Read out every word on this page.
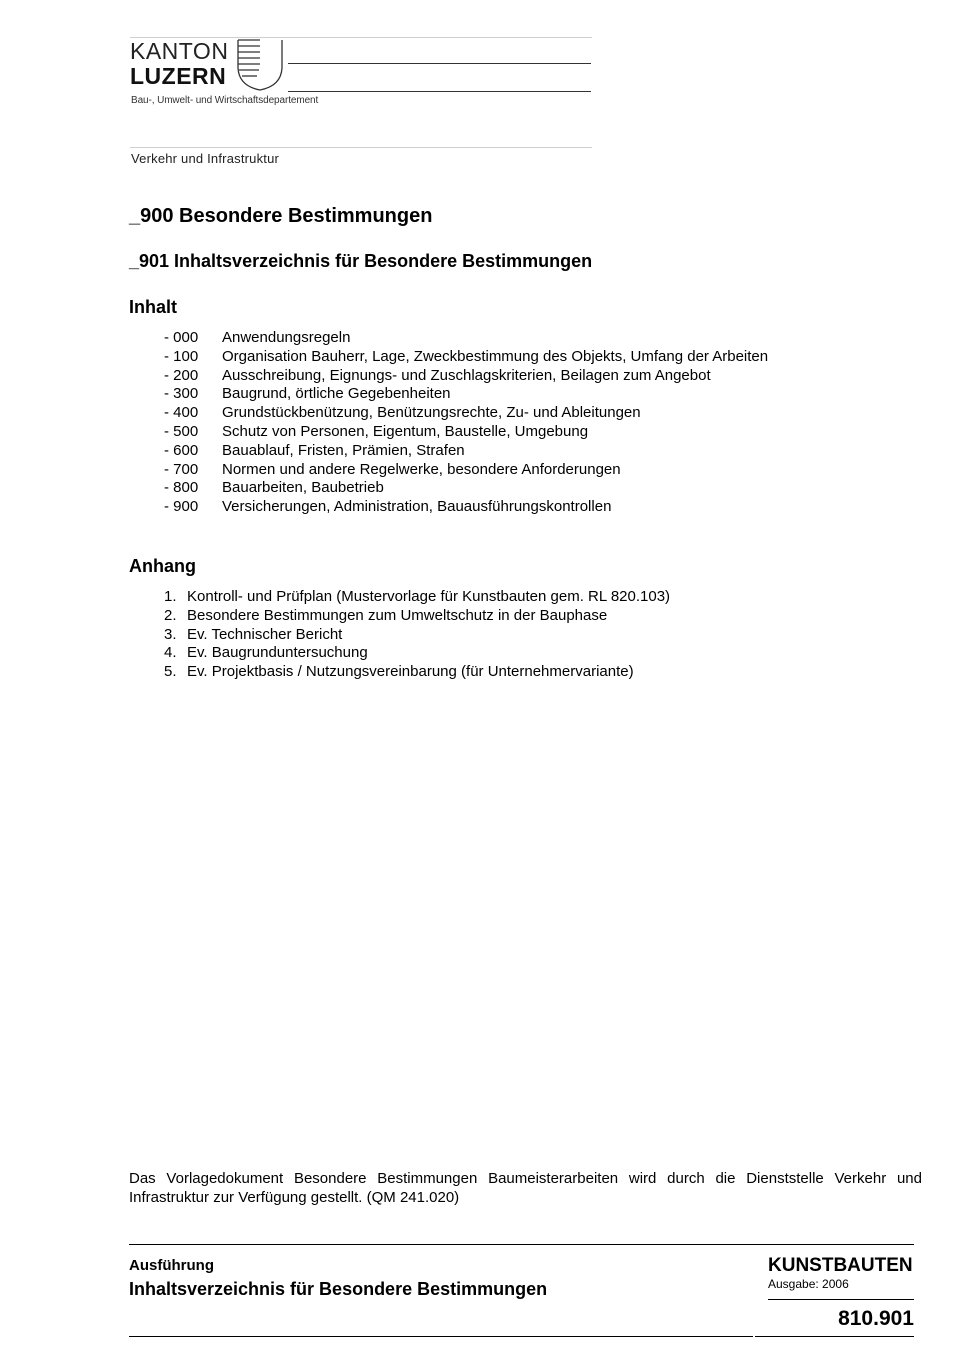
KANTON
LUZERN
Bau-, Umwelt- und Wirtschaftsdepartement
Verkehr und Infrastruktur
_900 Besondere Bestimmungen
_901 Inhaltsverzeichnis für Besondere Bestimmungen
Inhalt
- 000	Anwendungsregeln
- 100	Organisation Bauherr, Lage, Zweckbestimmung des Objekts, Umfang der Arbeiten
- 200	Ausschreibung, Eignungs- und Zuschlagskriterien, Beilagen zum Angebot
- 300	Baugrund, örtliche Gegebenheiten
- 400	Grundstückbenützung, Benützungsrechte, Zu- und Ableitungen
- 500	Schutz von Personen, Eigentum, Baustelle, Umgebung
- 600	Bauablauf, Fristen, Prämien, Strafen
- 700	Normen und andere Regelwerke, besondere Anforderungen
- 800	Bauarbeiten, Baubetrieb
- 900	Versicherungen, Administration, Bauausführungskontrollen
Anhang
1. Kontroll- und Prüfplan (Mustervorlage für Kunstbauten gem. RL 820.103)
2. Besondere Bestimmungen zum Umweltschutz in der Bauphase
3. Ev. Technischer Bericht
4. Ev. Baugrunduntersuchung
5. Ev. Projektbasis / Nutzungsvereinbarung (für Unternehmervariante)
Das Vorlagedokument Besondere Bestimmungen Baumeisterarbeiten wird durch die Dienststelle Verkehr und Infrastruktur zur Verfügung gestellt. (QM 241.020)
Ausführung
Inhaltsverzeichnis für Besondere Bestimmungen
KUNSTBAUTEN
Ausgabe: 2006
810.901
